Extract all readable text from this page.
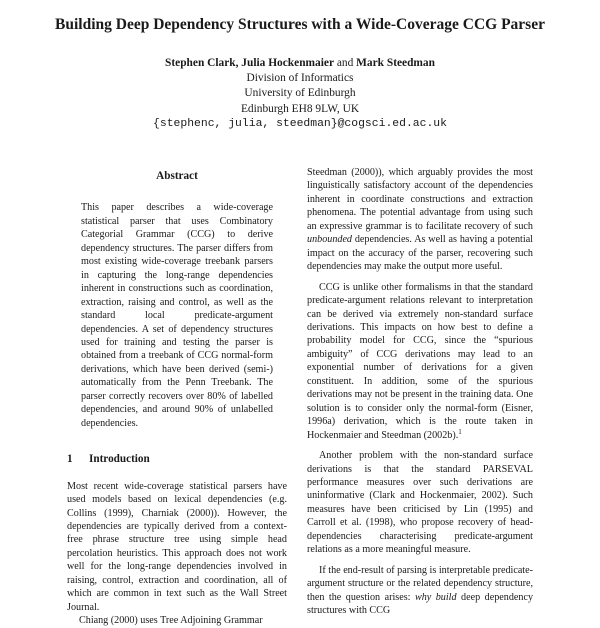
Building Deep Dependency Structures with a Wide-Coverage CCG Parser
Stephen Clark, Julia Hockenmaier and Mark Steedman
Division of Informatics
University of Edinburgh
Edinburgh EH8 9LW, UK
{stephenc, julia, steedman}@cogsci.ed.ac.uk
Abstract

This paper describes a wide-coverage statistical parser that uses Combinatory Categorial Grammar (CCG) to derive dependency structures. The parser differs from most existing wide-coverage treebank parsers in capturing the long-range dependencies inherent in constructions such as coordination, extraction, raising and control, as well as the standard local predicate-argument dependencies. A set of dependency structures used for training and testing the parser is obtained from a treebank of CCG normal-form derivations, which have been derived (semi-) automatically from the Penn Treebank. The parser correctly recovers over 80% of labelled dependencies, and around 90% of unlabelled dependencies.

1 Introduction

Most recent wide-coverage statistical parsers have used models based on lexical dependencies (e.g. Collins (1999), Charniak (2000)). However, the dependencies are typically derived from a context-free phrase structure tree using simple head percolation heuristics. This approach does not work well for the long-range dependencies involved in raising, control, extraction and coordination, all of which are common in text such as the Wall Street Journal.

Chiang (2000) uses Tree Adjoining Grammar

Steedman (2000)), which arguably provides the most linguistically satisfactory account of the dependencies inherent in coordinate constructions and extraction phenomena. The potential advantage from using such an expressive grammar is to facilitate recovery of such unbounded dependencies. As well as having a potential impact on the accuracy of the parser, recovering such dependencies may make the output more useful.

CCG is unlike other formalisms in that the standard predicate-argument relations relevant to interpretation can be derived via extremely non-standard surface derivations. This impacts on how best to define a probability model for CCG, since the “spurious ambiguity” of CCG derivations may lead to an exponential number of derivations for a given constituent. In addition, some of the spurious derivations may not be present in the training data. One solution is to consider only the normal-form (Eisner, 1996a) derivation, which is the route taken in Hockenmaier and Steedman (2002b).$^1$

Another problem with the non-standard surface derivations is that the standard PARSEVAL performance measures over such derivations are uninformative (Clark and Hockenmaier, 2002). Such measures have been criticised by Lin (1995) and Carroll et al. (1998), who propose recovery of head-dependencies characterising predicate-argument relations as a more meaningful measure.

If the end-result of parsing is interpretable predicate-argument structure or the related dependency structure, then the question arises: why build deep dependency structures with CCG
